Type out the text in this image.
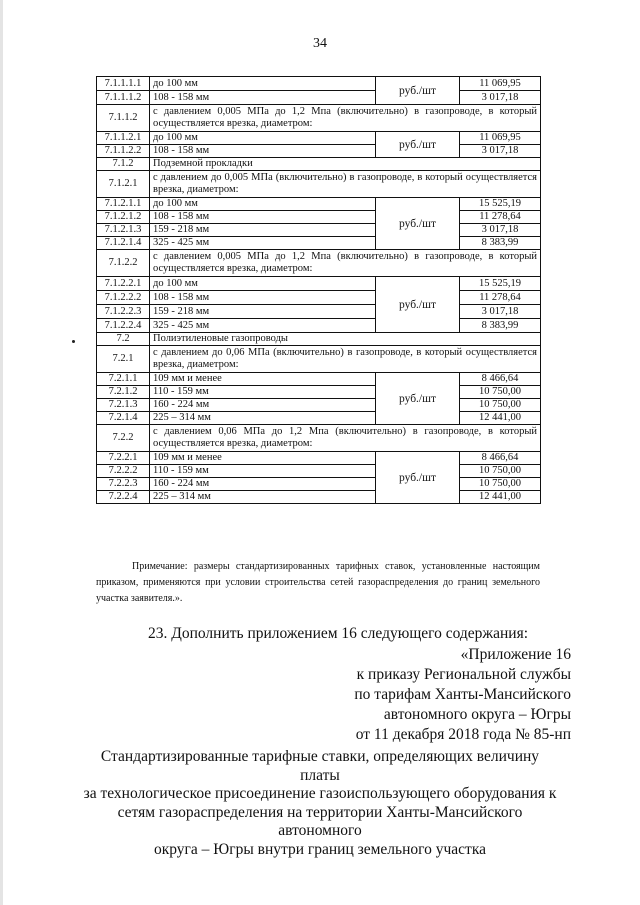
34
7.1.1.1.1	до 100 мм	руб./шт	11 069,95
7.1.1.1.2	108 - 158 мм		3 017,18
7.1.1.2	с давлением 0,005 МПа до 1,2 Мпа (включительно) в газопроводе, в который осуществляется врезка, диаметром:		
7.1.1.2.1	до 100 мм	руб./шт	11 069,95
7.1.1.2.2	108 - 158 мм		3 017,18
7.1.2	Подземной прокладки		
7.1.2.1	с давлением до 0,005 МПа (включительно) в газопроводе, в который осуществляется врезка, диаметром:		
7.1.2.1.1	до 100 мм	руб./шт	15 525,19
7.1.2.1.2	108 - 158 мм		11 278,64
7.1.2.1.3	159 - 218 мм		3 017,18
7.1.2.1.4	325 - 425 мм		8 383,99
7.1.2.2	с давлением 0,005 МПа до 1,2 Мпа (включительно) в газопроводе, в который осуществляется врезка, диаметром:		
7.1.2.2.1	до 100 мм	руб./шт	15 525,19
7.1.2.2.2	108 - 158 мм		11 278,64
7.1.2.2.3	159 - 218 мм		3 017,18
7.1.2.2.4	325 - 425 мм		8 383,99
7.2	Полиэтиленовые газопроводы		
7.2.1	с давлением до 0,06 МПа (включительно) в газопроводе, в который осуществляется врезка, диаметром:		
7.2.1.1	109 мм и менее	руб./шт	8 466,64
7.2.1.2	110 - 159 мм		10 750,00
7.2.1.3	160 - 224 мм		10 750,00
7.2.1.4	225 – 314 мм		12 441,00
7.2.2	с давлением 0,06 МПа до 1,2 Мпа (включительно) в газопроводе, в который осуществляется врезка, диаметром:		
7.2.2.1	109 мм и менее	руб./шт	8 466,64
7.2.2.2	110 - 159 мм		10 750,00
7.2.2.3	160 - 224 мм		10 750,00
7.2.2.4	225 – 314 мм		12 441,00
Примечание: размеры стандартизированных тарифных ставок, установленные настоящим приказом, применяются при условии строительства сетей газораспределения до границ земельного участка заявителя.».
23. Дополнить приложением 16 следующего содержания:
«Приложение 16
к приказу Региональной службы
по тарифам Ханты-Мансийского
автономного округа – Югры
от 11 декабря 2018 года № 85-нп
Стандартизированные тарифные ставки, определяющих величину платы
за технологическое присоединение газоиспользующего оборудования к
сетям газораспределения на территории Ханты-Мансийского автономного
округа – Югры внутри границ земельного участка
